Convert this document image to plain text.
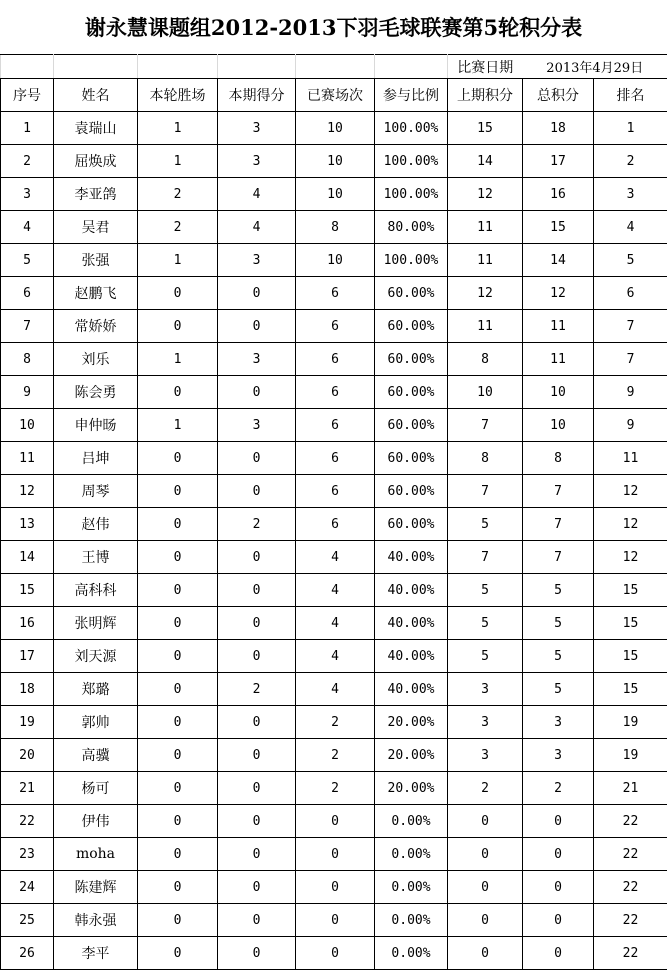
谢永慧课题组2012-2013下羽毛球联赛第5轮积分表
						比赛日期	2013年4月29日	
序号	姓名	本轮胜场	本期得分	已赛场次	参与比例	上期积分	总积分	排名
1	袁瑞山	1	3	10	100.00%	15	18	1
2	屈焕成	1	3	10	100.00%	14	17	2
3	李亚鸽	2	4	10	100.00%	12	16	3
4	吴君	2	4	8	80.00%	11	15	4
5	张强	1	3	10	100.00%	11	14	5
6	赵鹏飞	0	0	6	60.00%	12	12	6
7	常娇娇	0	0	6	60.00%	11	11	7
8	刘乐	1	3	6	60.00%	8	11	7
9	陈会勇	0	0	6	60.00%	10	10	9
10	申仲旸	1	3	6	60.00%	7	10	9
11	吕坤	0	0	6	60.00%	8	8	11
12	周琴	0	0	6	60.00%	7	7	12
13	赵伟	0	2	6	60.00%	5	7	12
14	王博	0	0	4	40.00%	7	7	12
15	高科科	0	0	4	40.00%	5	5	15
16	张明辉	0	0	4	40.00%	5	5	15
17	刘天源	0	0	4	40.00%	5	5	15
18	郑璐	0	2	4	40.00%	3	5	15
19	郭帅	0	0	2	20.00%	3	3	19
20	高骥	0	0	2	20.00%	3	3	19
21	杨可	0	0	2	20.00%	2	2	21
22	伊伟	0	0	0	0.00%	0	0	22
23	moha	0	0	0	0.00%	0	0	22
24	陈建辉	0	0	0	0.00%	0	0	22
25	韩永强	0	0	0	0.00%	0	0	22
26	李平	0	0	0	0.00%	0	0	22
